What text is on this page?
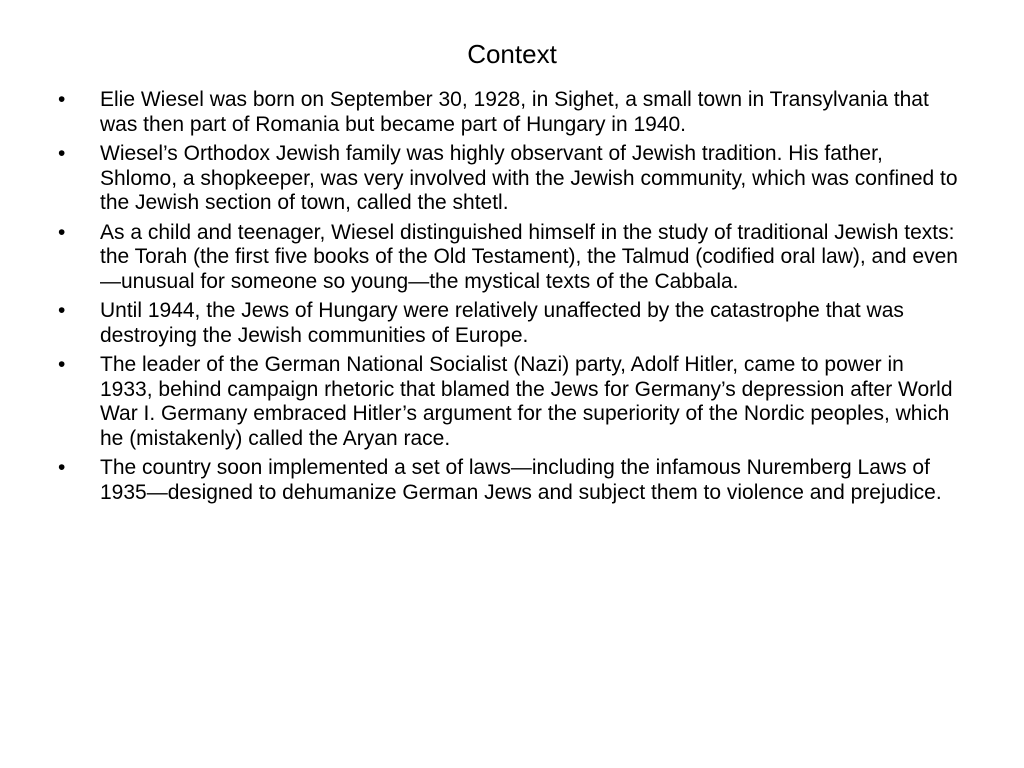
Context
•	Elie Wiesel was born on September 30, 1928, in Sighet, a small town in Transylvania that was then part of Romania but became part of Hungary in 1940.
•	Wiesel’s Orthodox Jewish family was highly observant of Jewish tradition. His father, Shlomo, a shopkeeper, was very involved with the Jewish community, which was confined to the Jewish section of town, called the shtetl.
•	As a child and teenager, Wiesel distinguished himself in the study of traditional Jewish texts: the Torah (the first five books of the Old Testament), the Talmud (codified oral law), and even—unusual for someone so young—the mystical texts of the Cabbala.
•	Until 1944, the Jews of Hungary were relatively unaffected by the catastrophe that was destroying the Jewish communities of Europe.
•	The leader of the German National Socialist (Nazi) party, Adolf Hitler, came to power in 1933, behind campaign rhetoric that blamed the Jews for Germany’s depression after World War I. Germany embraced Hitler’s argument for the superiority of the Nordic peoples, which he (mistakenly) called the Aryan race.
•	The country soon implemented a set of laws—including the infamous Nuremberg Laws of 1935—designed to dehumanize German Jews and subject them to violence and prejudice.
